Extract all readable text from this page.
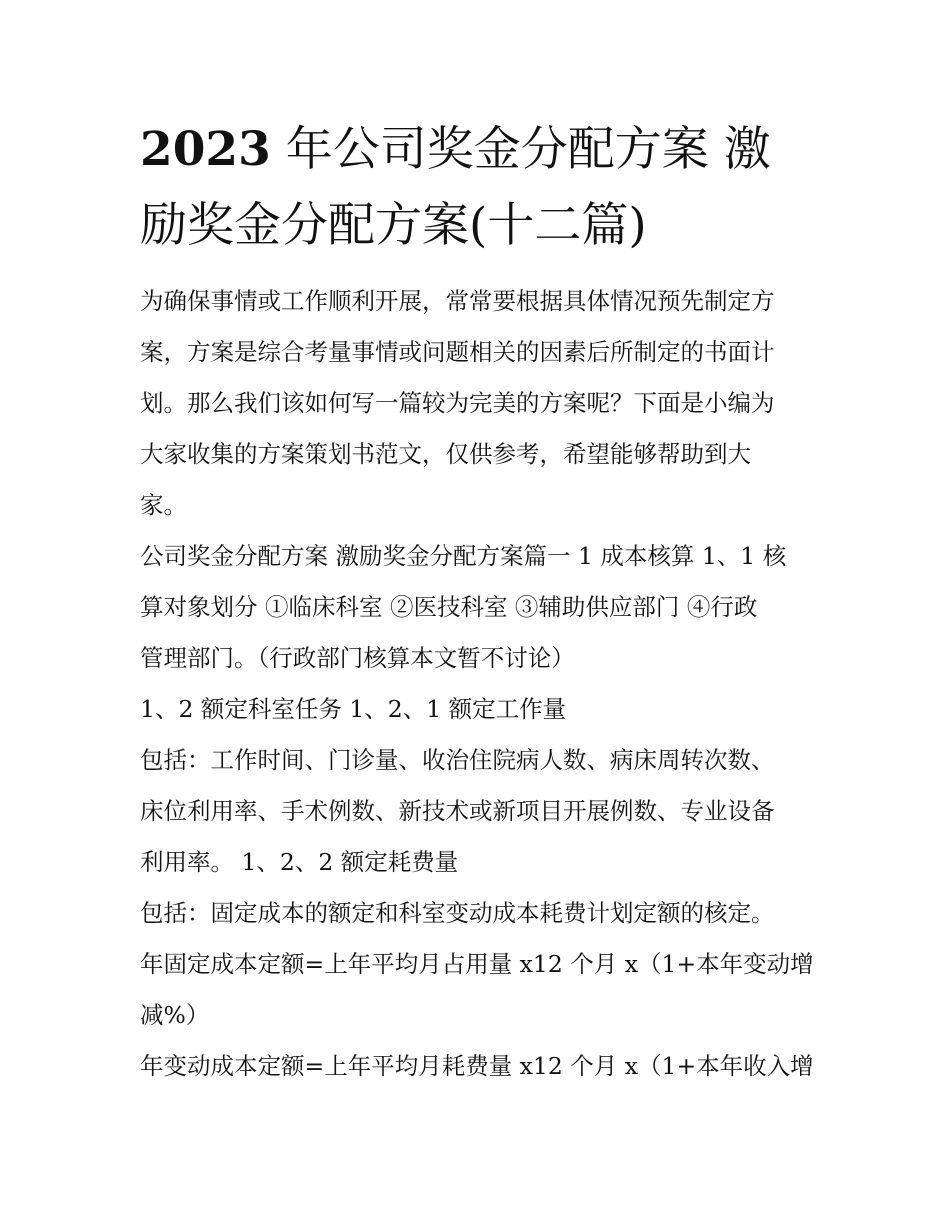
2023 年公司奖金分配方案 激
励奖金分配方案(十二篇)
为确保事情或工作顺利开展，常常要根据具体情况预先制定方
案，方案是综合考量事情或问题相关的因素后所制定的书面计
划。那么我们该如何写一篇较为完美的方案呢？下面是小编为
大家收集的方案策划书范文，仅供参考，希望能够帮助到大
家。
公司奖金分配方案 激励奖金分配方案篇一 1 成本核算 1、1 核
算对象划分 ①临床科室 ②医技科室 ③辅助供应部门 ④行政
管理部门。（行政部门核算本文暂不讨论）
1、2 额定科室任务 1、2、1 额定工作量
包括：工作时间、门诊量、收治住院病人数、病床周转次数、
床位利用率、手术例数、新技术或新项目开展例数、专业设备
利用率。 1、2、2 额定耗费量
包括：固定成本的额定和科室变动成本耗费计划定额的核定。
年固定成本定额=上年平均月占用量 x12 个月 x（1+本年变动增
减%）
年变动成本定额=上年平均月耗费量 x12 个月 x（1+本年收入增
